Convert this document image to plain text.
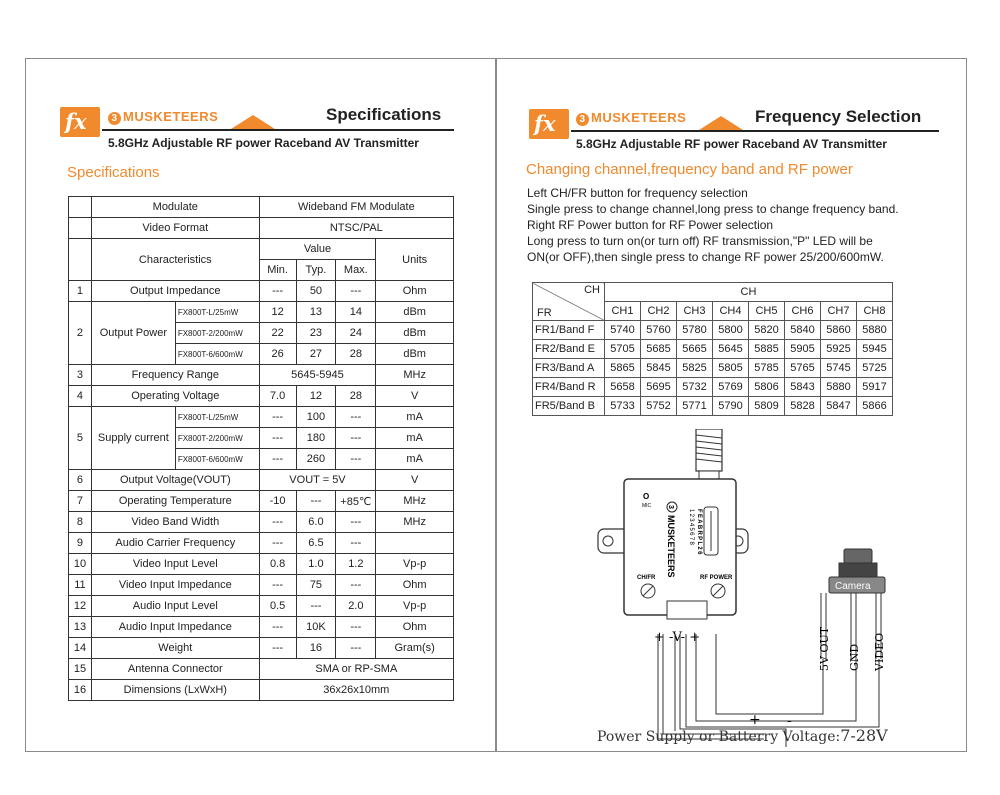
fx	3 MUSKETEERS	Specifications
5.8GHz Adjustable RF power Raceband AV Transmitter
Specifications
	Modulate		Wideband FM Modulate			
	Video Format		NTSC/PAL			
	Characteristics		Value			Units
			Min.	Typ.	Max.	
1	Output Impedance		---	50	---	Ohm
2	Output Power	FX800T-L/25mW	12	13	14	dBm
		FX800T-2/200mW	22	23	24	dBm
		FX800T-6/600mW	26	27	28	dBm
3	Frequency Range		5645-5945			MHz
4	Operating Voltage		7.0	12	28	V
5	Supply current	FX800T-L/25mW	---	100	---	mA
		FX800T-2/200mW	---	180	---	mA
		FX800T-6/600mW	---	260	---	mA
6	Output Voltage(VOUT)		VOUT = 5V			V
7	Operating Temperature		-10	---	+85℃	MHz
8	Video Band Width		---	6.0	---	MHz
9	Audio Carrier Frequency		---	6.5	---	
10	Video Input Level		0.8	1.0	1.2	Vp-p
11	Video Input Impedance		---	75	---	Ohm
12	Audio Input Level		0.5	---	2.0	Vp-p
13	Audio Input Impedance		---	10K	---	Ohm
14	Weight		---	16	---	Gram(s)
15	Antenna Connector		SMA or RP-SMA			
16	Dimensions (LxWxH)		36x26x10mm			
fx	3 MUSKETEERS	Frequency Selection
5.8GHz Adjustable RF power Raceband AV Transmitter
Changing channel,frequency band and RF power
Left CH/FR button for frequency selection
Single press to change channel,long press to change frequency band.
Right RF Power button for RF Power selection
Long press to turn on(or turn off) RF transmission,"P" LED will be
ON(or OFF),then single press to change RF power 25/200/600mW.
CH
FR	CH							
	CH1	CH2	CH3	CH4	CH5	CH6	CH7	CH8
FR1/Band F	5740	5760	5780	5800	5820	5840	5860	5880
FR2/Band E	5705	5685	5665	5645	5885	5905	5925	5945
FR3/Band A	5865	5845	5825	5805	5785	5765	5745	5725
FR4/Band R	5658	5695	5732	5769	5806	5843	5880	5917
FR5/Band B	5733	5752	5771	5790	5809	5828	5847	5866
O
MIC 3
MUSKETEERS	FEABRPL26
12345678
CH/FR	RF POWER
+ -V- +
Camera
5V OUT GND VIDEO
+ -
Power Supply or Batterry Voltage:7-28V
